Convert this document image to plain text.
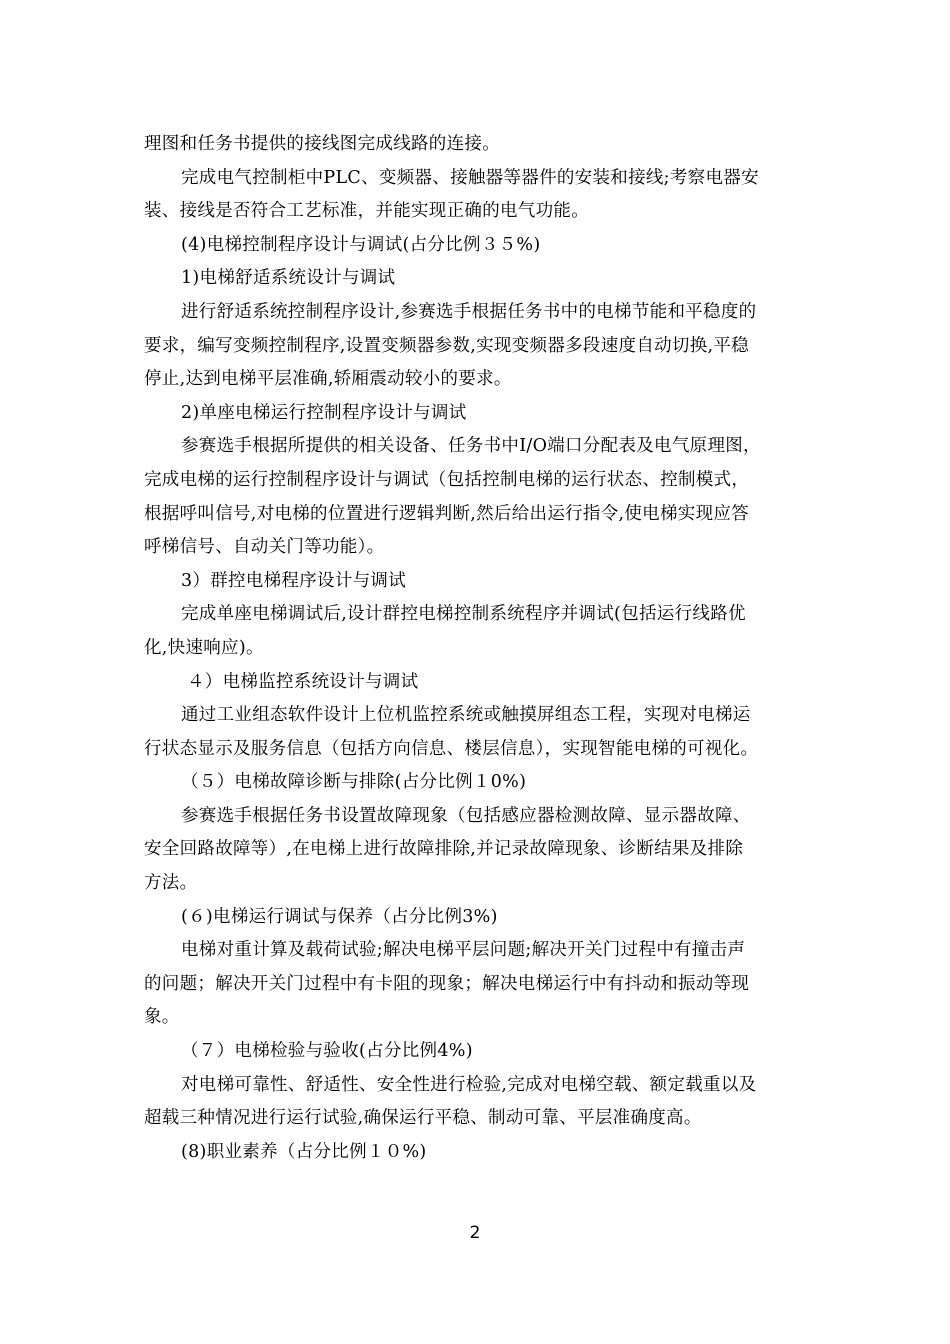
理图和任务书提供的接线图完成线路的连接。
完成电气控制柜中PLC、变频器、接触器等器件的安装和接线;考察电器安
装、接线是否符合工艺标准，并能实现正确的电气功能。
(4)电梯控制程序设计与调试(占分比例３５%)
1)电梯舒适系统设计与调试
进行舒适系统控制程序设计,参赛选手根据任务书中的电梯节能和平稳度的
要求，编写变频控制程序,设置变频器参数,实现变频器多段速度自动切换,平稳
停止,达到电梯平层准确,轿厢震动较小的要求。
2)单座电梯运行控制程序设计与调试
参赛选手根据所提供的相关设备、任务书中I/O端口分配表及电气原理图，
完成电梯的运行控制程序设计与调试（包括控制电梯的运行状态、控制模式，
根据呼叫信号,对电梯的位置进行逻辑判断,然后给出运行指令,使电梯实现应答
呼梯信号、自动关门等功能）。
3）群控电梯程序设计与调试
完成单座电梯调试后,设计群控电梯控制系统程序并调试(包括运行线路优
化,快速响应)。
４）电梯监控系统设计与调试
通过工业组态软件设计上位机监控系统或触摸屏组态工程，实现对电梯运
行状态显示及服务信息（包括方向信息、楼层信息），实现智能电梯的可视化。
（５）电梯故障诊断与排除(占分比例１0%)
参赛选手根据任务书设置故障现象（包括感应器检测故障、显示器故障、
安全回路故障等）,在电梯上进行故障排除,并记录故障现象、诊断结果及排除
方法。
(６)电梯运行调试与保养（占分比例3%)
电梯对重计算及载荷试验;解决电梯平层问题;解决开关门过程中有撞击声
的问题；解决开关门过程中有卡阻的现象；解决电梯运行中有抖动和振动等现
象。
（７）电梯检验与验收(占分比例4%)
对电梯可靠性、舒适性、安全性进行检验,完成对电梯空载、额定载重以及
超载三种情况进行运行试验,确保运行平稳、制动可靠、平层准确度高。
(8)职业素养（占分比例１０%)
2
